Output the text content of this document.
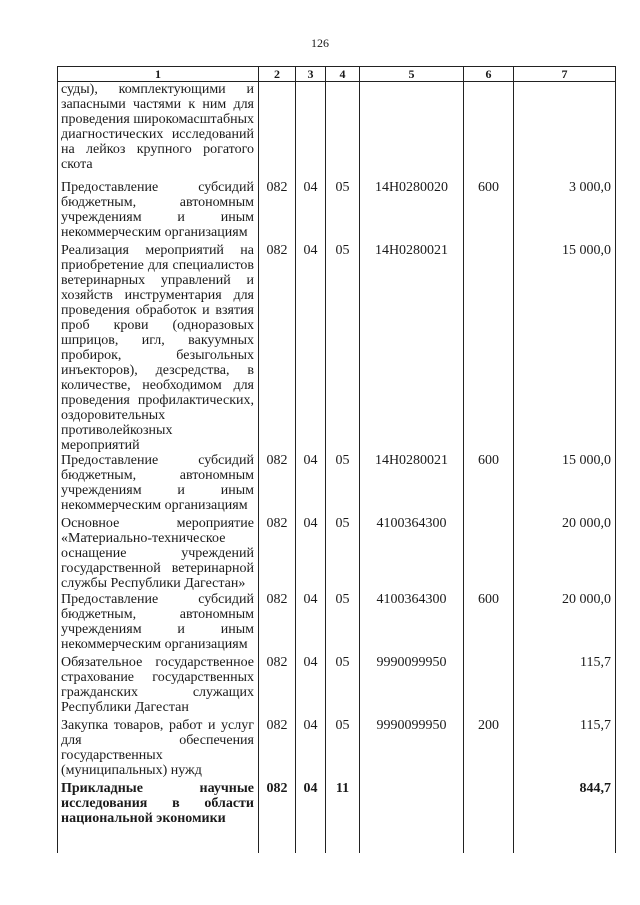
126
1	2	3	4	5	6	7
суды), комплектующими и запасными частями к ним для проведения широкомасштабных диагностических исследований на лейкоз крупного рогатого скота						
Предоставление субсидий бюджетным, автономным учреждениям и иным некоммерческим организациям	082	04	05	14Н0280020	600	3 000,0
Реализация мероприятий на приобретение для специалистов ветеринарных управлений и хозяйств инструментария для проведения обработок и взятия проб крови (одноразовых шприцов, игл, вакуумных пробирок, безыгольных инъекторов), дезсредства, в количестве, необходимом для проведения профилактических, оздоровительных противолейкозных мероприятий	082	04	05	14Н0280021		15 000,0
Предоставление субсидий бюджетным, автономным учреждениям и иным некоммерческим организациям	082	04	05	14Н0280021	600	15 000,0
Основное мероприятие «Материально-техническое оснащение учреждений государственной ветеринарной службы Республики Дагестан»	082	04	05	4100364300		20 000,0
Предоставление субсидий бюджетным, автономным учреждениям и иным некоммерческим организациям	082	04	05	4100364300	600	20 000,0
Обязательное государственное страхование государственных гражданских служащих Республики Дагестан	082	04	05	9990099950		115,7
Закупка товаров, работ и услуг для обеспечения государственных (муниципальных) нужд	082	04	05	9990099950	200	115,7
Прикладные научные исследования в области национальной экономики	082	04	11			844,7
